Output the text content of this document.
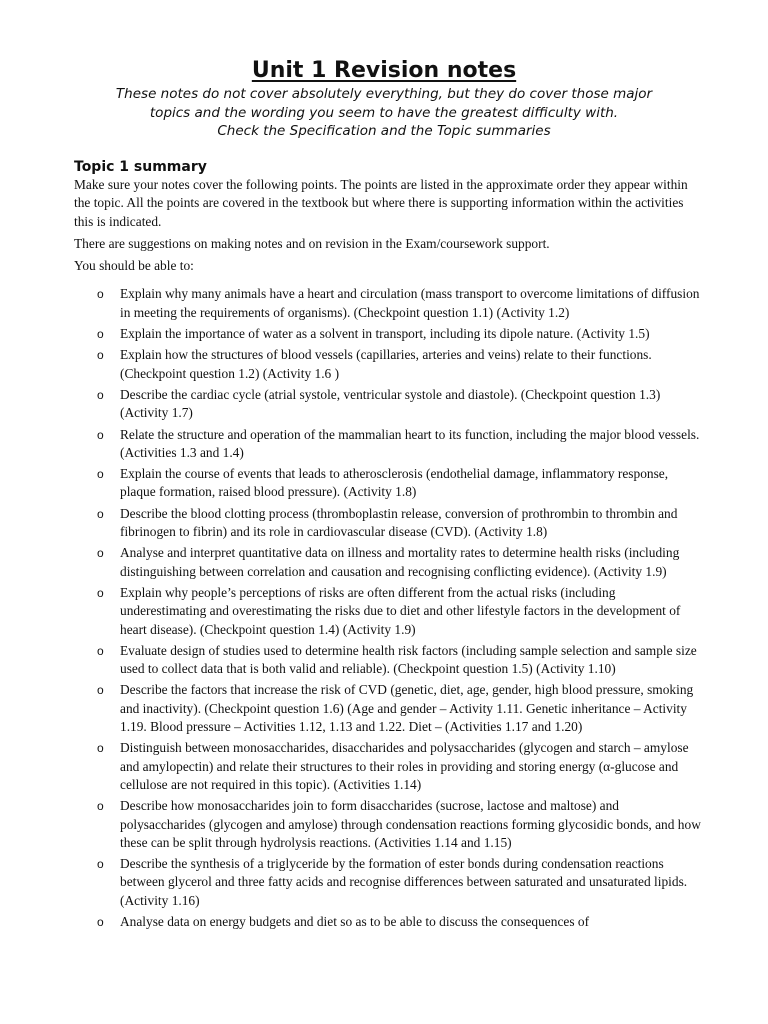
Unit 1 Revision notes
These notes do not cover absolutely everything, but they do cover those major
topics and the wording you seem to have the greatest difficulty with.
Check the Specification and the Topic summaries
Topic 1 summary

Make sure your notes cover the following points. The points are listed in the approximate order they appear within the topic. All the points are covered in the textbook but where there is supporting information within the activities this is indicated.

There are suggestions on making notes and on revision in the Exam/coursework support.

You should be able to:

o Explain why many animals have a heart and circulation (mass transport to overcome limitations of diffusion in meeting the requirements of organisms). (Checkpoint question 1.1) (Activity 1.2)
o Explain the importance of water as a solvent in transport, including its dipole nature. (Activity 1.5)
o Explain how the structures of blood vessels (capillaries, arteries and veins) relate to their functions. (Checkpoint question 1.2) (Activity 1.6 )
o Describe the cardiac cycle (atrial systole, ventricular systole and diastole). (Checkpoint question 1.3) (Activity 1.7)
o Relate the structure and operation of the mammalian heart to its function, including the major blood vessels. (Activities 1.3 and 1.4)
o Explain the course of events that leads to atherosclerosis (endothelial damage, inflammatory response, plaque formation, raised blood pressure). (Activity 1.8)
o Describe the blood clotting process (thromboplastin release, conversion of prothrombin to thrombin and fibrinogen to fibrin) and its role in cardiovascular disease (CVD). (Activity 1.8)
o Analyse and interpret quantitative data on illness and mortality rates to determine health risks (including distinguishing between correlation and causation and recognising conflicting evidence). (Activity 1.9)
o Explain why people’s perceptions of risks are often different from the actual risks (including underestimating and overestimating the risks due to diet and other lifestyle factors in the development of heart disease). (Checkpoint question 1.4) (Activity 1.9)
o Evaluate design of studies used to determine health risk factors (including sample selection and sample size used to collect data that is both valid and reliable). (Checkpoint question 1.5) (Activity 1.10)
o Describe the factors that increase the risk of CVD (genetic, diet, age, gender, high blood pressure, smoking and inactivity). (Checkpoint question 1.6) (Age and gender – Activity 1.11. Genetic inheritance – Activity 1.19. Blood pressure – Activities 1.12, 1.13 and 1.22. Diet – (Activities 1.17 and 1.20)
o Distinguish between monosaccharides, disaccharides and polysaccharides (glycogen and starch – amylose and amylopectin) and relate their structures to their roles in providing and storing energy (α-glucose and cellulose are not required in this topic). (Activities 1.14)
o Describe how monosaccharides join to form disaccharides (sucrose, lactose and maltose) and polysaccharides (glycogen and amylose) through condensation reactions forming glycosidic bonds, and how these can be split through hydrolysis reactions. (Activities 1.14 and 1.15)
o Describe the synthesis of a triglyceride by the formation of ester bonds during condensation reactions between glycerol and three fatty acids and recognise differences between saturated and unsaturated lipids. (Activity 1.16)
o Analyse data on energy budgets and diet so as to be able to discuss the consequences of
